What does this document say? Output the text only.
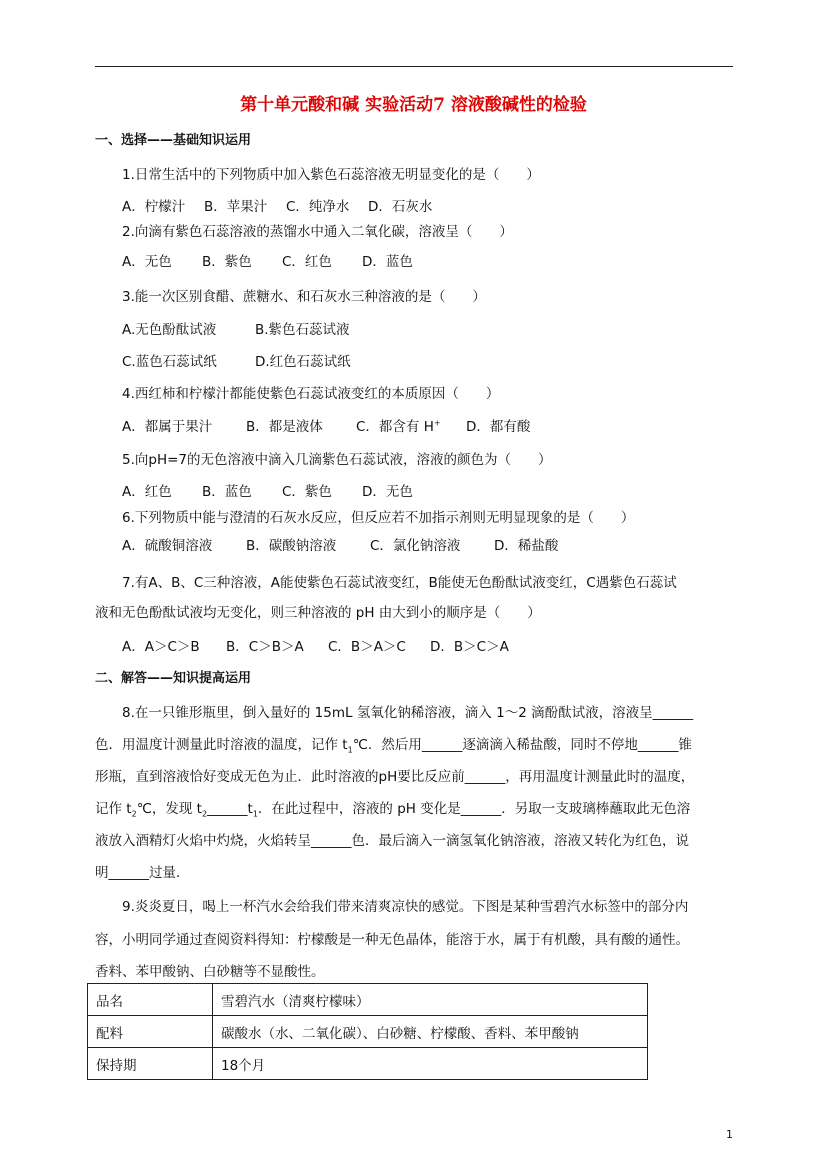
第十单元酸和碱 实验活动7 溶液酸碱性的检验
一、选择——基础知识运用
1.日常生活中的下列物质中加入紫色石蕊溶液无明显变化的是（　　）
A．柠檬汁 B．苹果汁 C．纯净水 D．石灰水
2.向滴有紫色石蕊溶液的蒸馏水中通入二氧化碳，溶液呈（　　）
A．无色 B．紫色 C．红色 D．蓝色
3.能一次区别食醋、蔗糖水、和石灰水三种溶液的是（　　）
A.无色酚酞试液	B.紫色石蕊试液
C.蓝色石蕊试纸	D.红色石蕊试纸
4.西红柿和柠檬汁都能使紫色石蕊试液变红的本质原因（　　）
A．都属于果汁	B．都是液体 C．都含有 H+ D．都有酸
5.向pH=7的无色溶液中滴入几滴紫色石蕊试液，溶液的颜色为（　　）
A．红色 B．蓝色 C．紫色 D．无色
6.下列物质中能与澄清的石灰水反应，但反应若不加指示剂则无明显现象的是（　　）
A．硫酸铜溶液	B．碳酸钠溶液 C．氯化钠溶液 D．稀盐酸
7.有A、B、C三种溶液，A能使紫色石蕊试液变红，B能使无色酚酞试液变红，C遇紫色石蕊试
液和无色酚酞试液均无变化，则三种溶液的 pH 由大到小的顺序是（　　）
A．A＞C＞B B．C＞B＞A C．B＞A＞C D．B＞C＞A
二、解答——知识提高运用
8.在一只锥形瓶里，倒入量好的 15mL 氢氧化钠稀溶液，滴入 1～2 滴酚酞试液，溶液呈______
色．用温度计测量此时溶液的温度，记作 $t_1℃$．然后用______逐滴滴入稀盐酸，同时不停地______锥
形瓶，直到溶液恰好变成无色为止．此时溶液的pH要比反应前______，再用温度计测量此时的温度，
记作 $t_2℃$，发现 $t_2\_\_\_\_\_\_t_1$．在此过程中，溶液的 pH 变化是______．另取一支玻璃棒蘸取此无色溶
液放入酒精灯火焰中灼烧，火焰转呈______色．最后滴入一滴氢氧化钠溶液，溶液又转化为红色，说
明______过量．
9.炎炎夏日，喝上一杯汽水会给我们带来清爽凉快的感觉。下图是某种雪碧汽水标签中的部分内
容，小明同学通过查阅资料得知：柠檬酸是一种无色晶体，能溶于水，属于有机酸，具有酸的通性。
香料、苯甲酸钠、白砂糖等不显酸性。
品名	雪碧汽水（清爽柠檬味）
配料	碳酸水（水、二氧化碳）、白砂糖、柠檬酸、香料、苯甲酸钠
保持期	18个月
1
